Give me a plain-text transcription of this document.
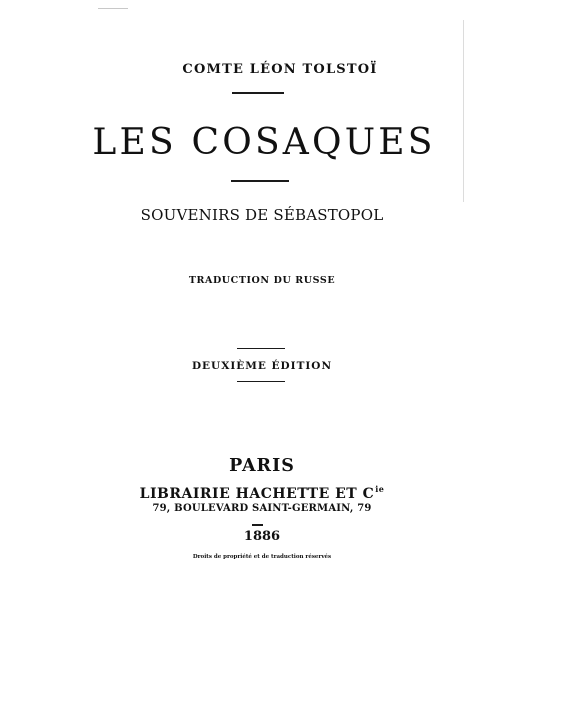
COMTE LÉON TOLSTOÏ
LES COSAQUES
SOUVENIRS DE SÉBASTOPOL
TRADUCTION DU RUSSE
DEUXIÈME ÉDITION
PARIS
LIBRAIRIE HACHETTE ET $C^{ie}$
79, BOULEVARD SAINT-GERMAIN, 79
1886
Droits de propriété et de traduction réservés
